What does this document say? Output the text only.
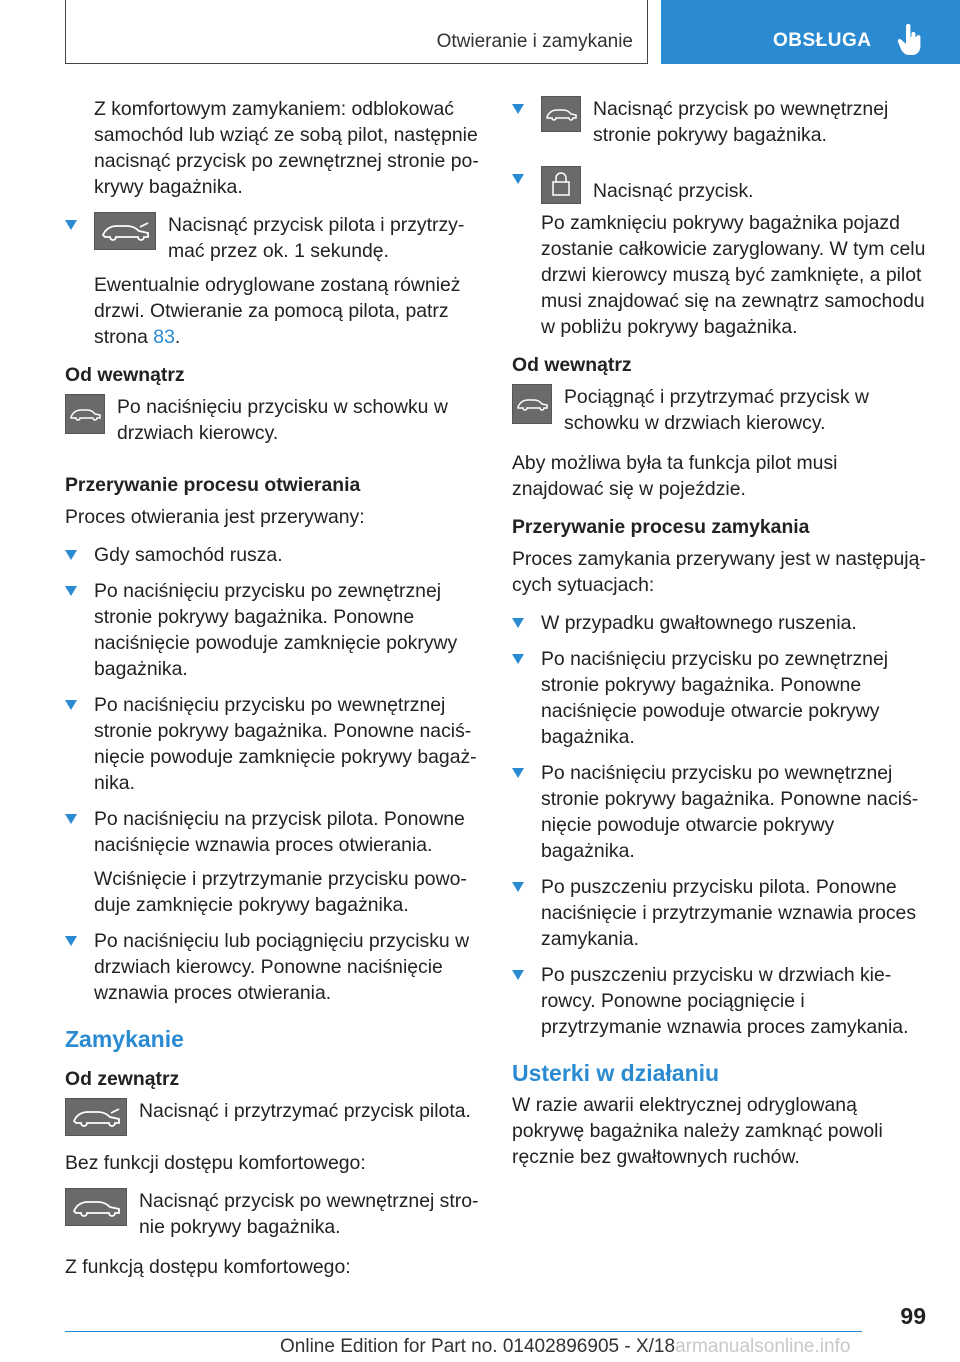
Otwieranie i zamykanie	OBSŁUGA

Z komfortowym zamykaniem: odblokować samochód lub wziąć ze sobą pilot, następnie nacisnąć przycisk po zewnętrznej stronie pokrywy bagażnika.

Nacisnąć przycisk pilota i przytrzymać przez ok. 1 sekundę.

Ewentualnie odryglowane zostaną również drzwi. Otwieranie za pomocą pilota, patrz strona 83.

Od wewnątrz
Po naciśnięciu przycisku w schowku w drzwiach kierowcy.
Przerywanie procesu otwierania

Proces otwierania jest przerywany:

Gdy samochód rusza.
Po naciśnięciu przycisku po zewnętrznej stronie pokrywy bagażnika. Ponowne naciśnięcie powoduje zamknięcie pokrywy bagażnika.
Po naciśnięciu przycisku po wewnętrznej stronie pokrywy bagażnika. Ponowne naciśnięcie powoduje zamknięcie pokrywy bagażnika.
Po naciśnięciu na przycisk pilota. Ponowne naciśnięcie wznawia proces otwierania.
Wciśnięcie i przytrzymanie przycisku powoduje zamknięcie pokrywy bagażnika.
Po naciśnięciu lub pociągnięciu przycisku w drzwiach kierowcy. Ponowne naciśnięcie wznawia proces otwierania.
Zamykanie
Od zewnątrz
Nacisnąć i przytrzymać przycisk pilota.

Bez funkcji dostępu komfortowego:

Nacisnąć przycisk po wewnętrznej stronie pokrywy bagażnika.

Z funkcją dostępu komfortowego:

Nacisnąć przycisk po wewnętrznej stronie pokrywy bagażnika.
Nacisnąć przycisk.

Po zamknięciu pokrywy bagażnika pojazd zostanie całkowicie zaryglowany. W tym celu drzwi kierowcy muszą być zamknięte, a pilot musi znajdować się na zewnątrz samochodu w pobliżu pokrywy bagażnika.

Od wewnątrz
Pociągnąć i przytrzymać przycisk w schowku w drzwiach kierowcy.

Aby możliwa była ta funkcja pilot musi znajdować się w pojeździe.

Przerywanie procesu zamykania

Proces zamykania przerywany jest w następujących sytuacjach:

W przypadku gwałtownego ruszenia.
Po naciśnięciu przycisku po zewnętrznej stronie pokrywy bagażnika. Ponowne naciśnięcie powoduje otwarcie pokrywy bagażnika.
Po naciśnięciu przycisku po wewnętrznej stronie pokrywy bagażnika. Ponowne naciśnięcie powoduje otwarcie pokrywy bagażnika.
Po puszczeniu przycisku pilota. Ponowne naciśnięcie i przytrzymanie wznawia proces zamykania.
Po puszczeniu przycisku w drzwiach kierowcy. Ponowne pociągnięcie i przytrzymanie wznawia proces zamykania.
Usterki w działaniu

W razie awarii elektrycznej odryglowaną pokrywę bagażnika należy zamknąć powoli ręcznie bez gwałtownych ruchów.

99
Online Edition for Part no. 01402896905 - X/18armanualsonline.info
